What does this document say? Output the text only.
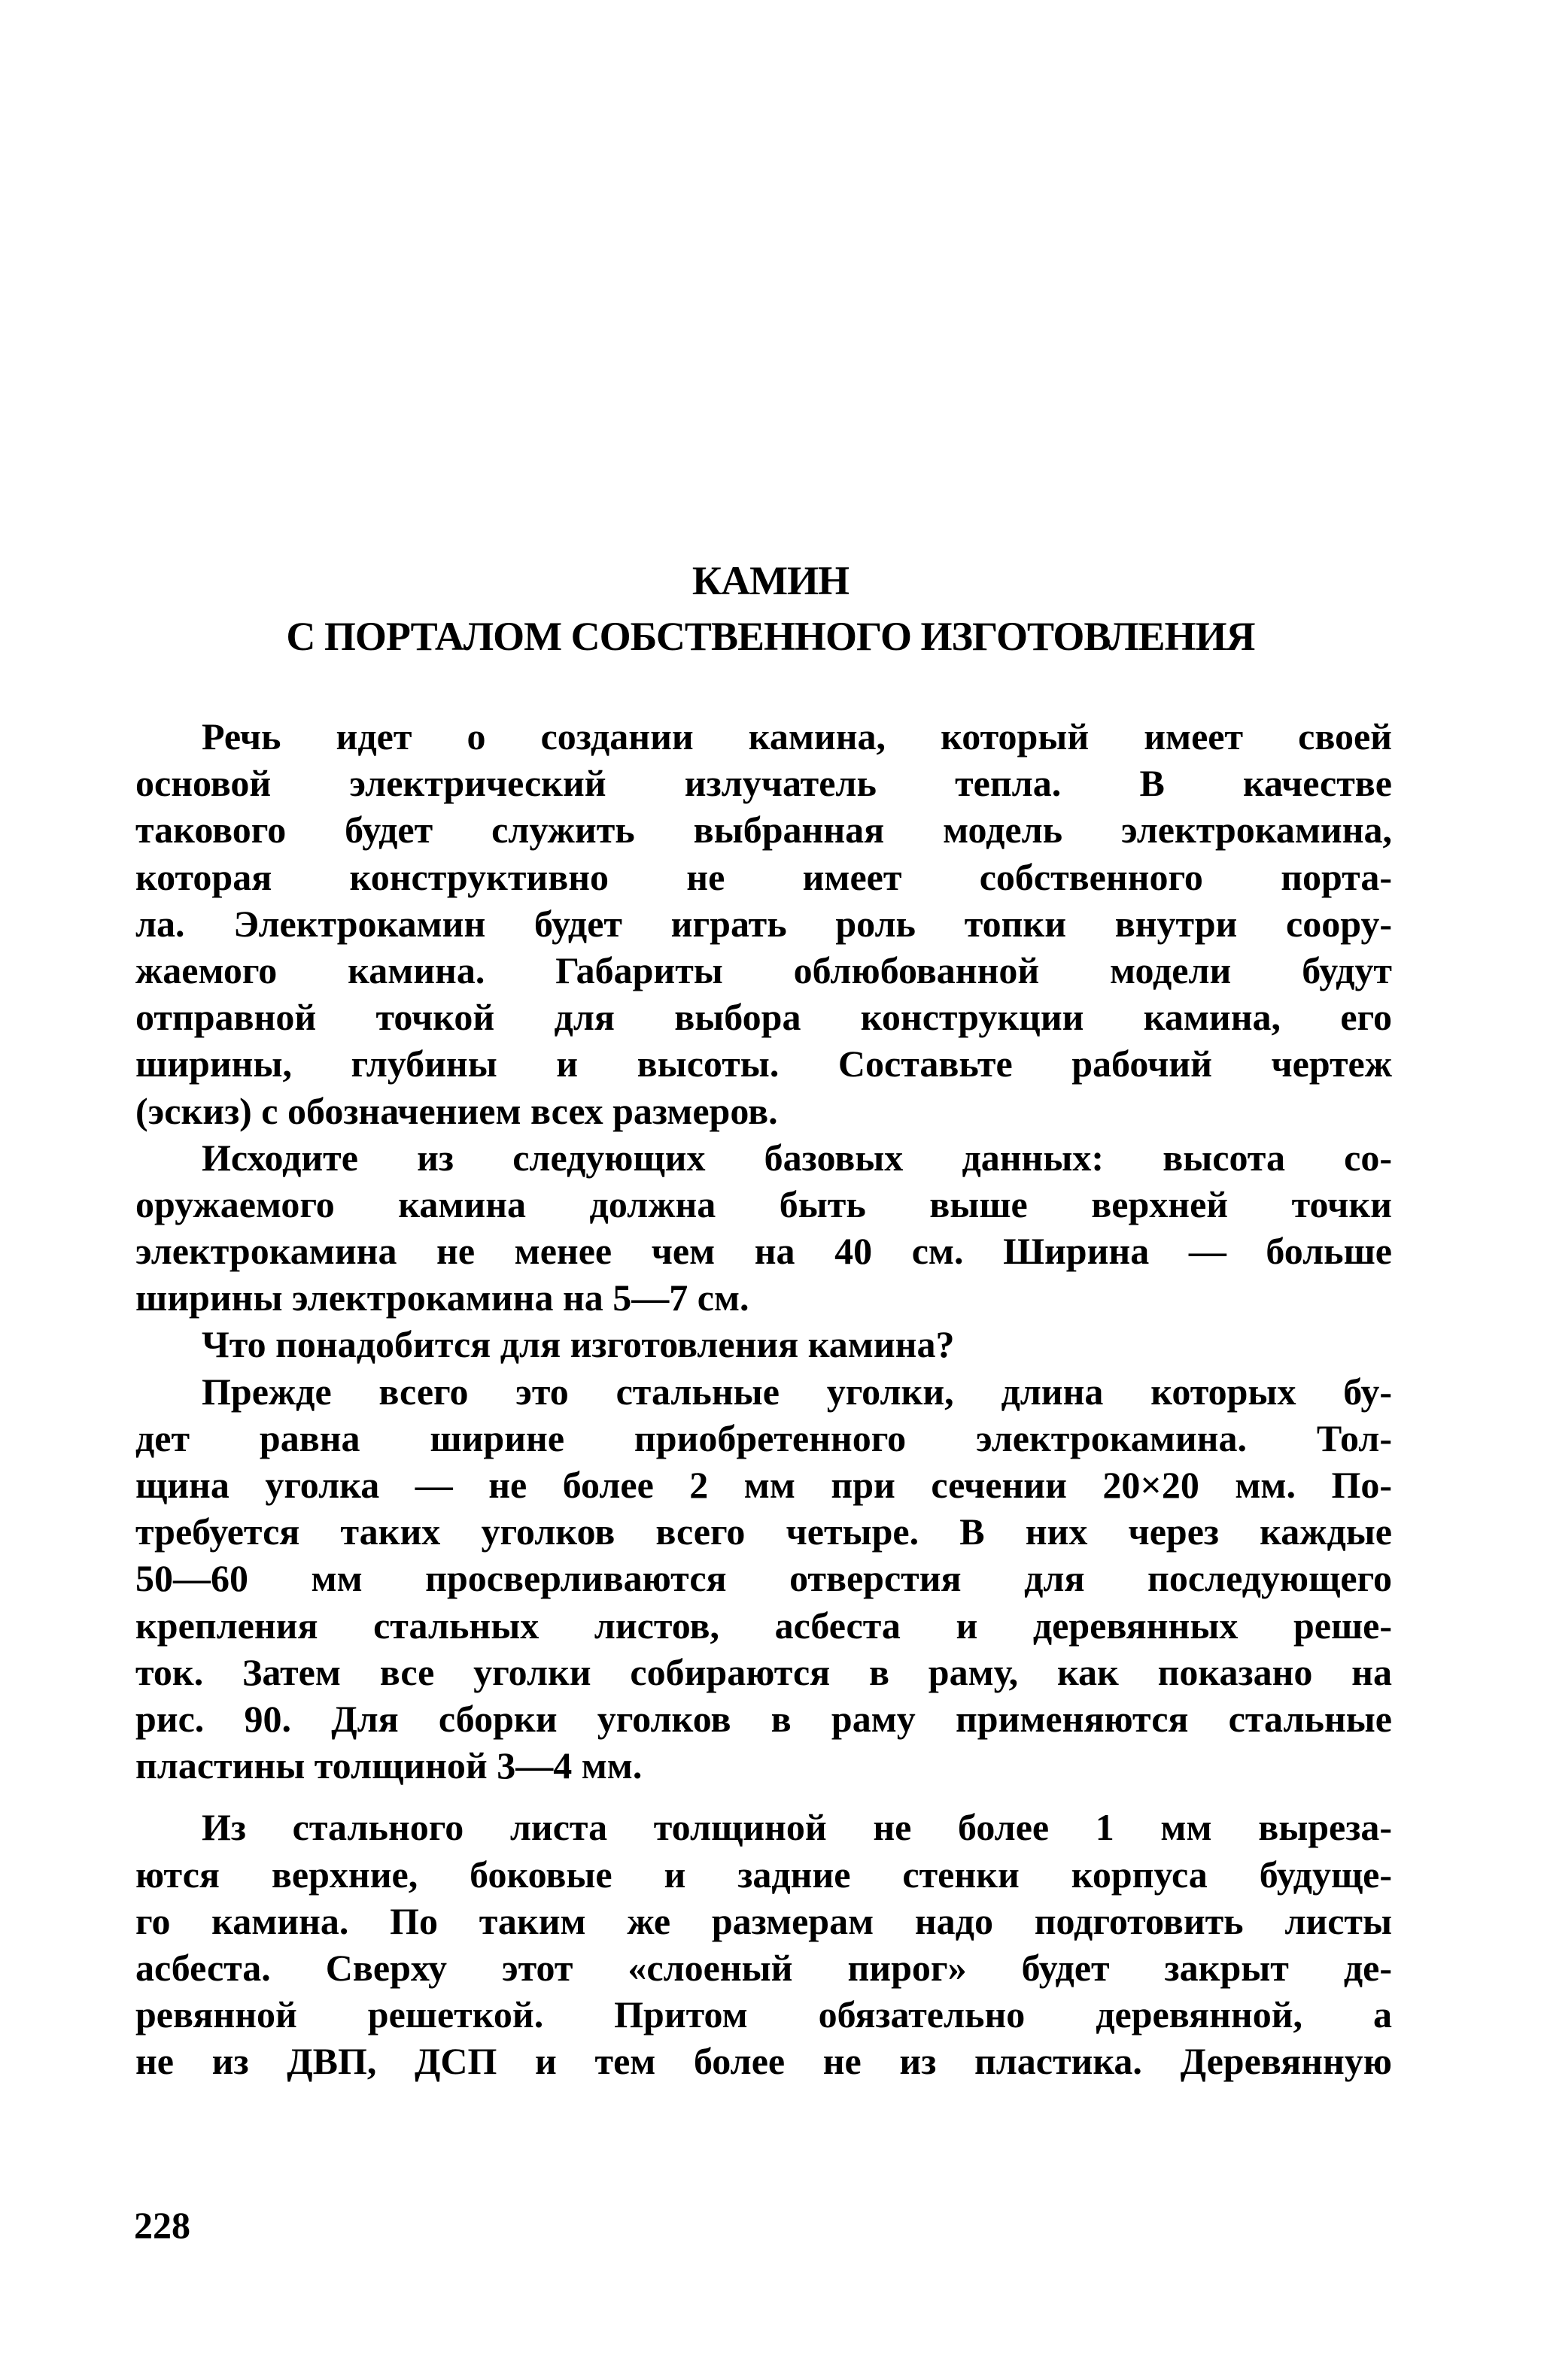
КАМИН
С ПОРТАЛОМ СОБСТВЕННОГО ИЗГОТОВЛЕНИЯ
Речь идет о создании камина, который имеет своей
основой электрический излучатель тепла. В качестве
такового будет служить выбранная модель электрокамина,
которая конструктивно не имеет собственного порта-
ла. Электрокамин будет играть роль топки внутри соору-
жаемого камина. Габариты облюбованной модели будут
отправной точкой для выбора конструкции камина, его
ширины, глубины и высоты. Составьте рабочий чертеж
(эскиз) с обозначением всех размеров.
Исходите из следующих базовых данных: высота со-
оружаемого камина должна быть выше верхней точки
электрокамина не менее чем на 40 см. Ширина — больше
ширины электрокамина на 5—7 см.
Что понадобится для изготовления камина?
Прежде всего это стальные уголки, длина которых бу-
дет равна ширине приобретенного электрокамина. Тол-
щина уголка — не более 2 мм при сечении 20×20 мм. По-
требуется таких уголков всего четыре. В них через каждые
50—60 мм просверливаются отверстия для последующего
крепления стальных листов, асбеста и деревянных реше-
ток. Затем все уголки собираются в раму, как показано на
рис. 90. Для сборки уголков в раму применяются стальные
пластины толщиной 3—4 мм.
Из стального листа толщиной не более 1 мм выреза-
ются верхние, боковые и задние стенки корпуса будуще-
го камина. По таким же размерам надо подготовить листы
асбеста. Сверху этот «слоеный пирог» будет закрыт де-
ревянной решеткой. Притом обязательно деревянной, а
не из ДВП, ДСП и тем более не из пластика. Деревянную
228
